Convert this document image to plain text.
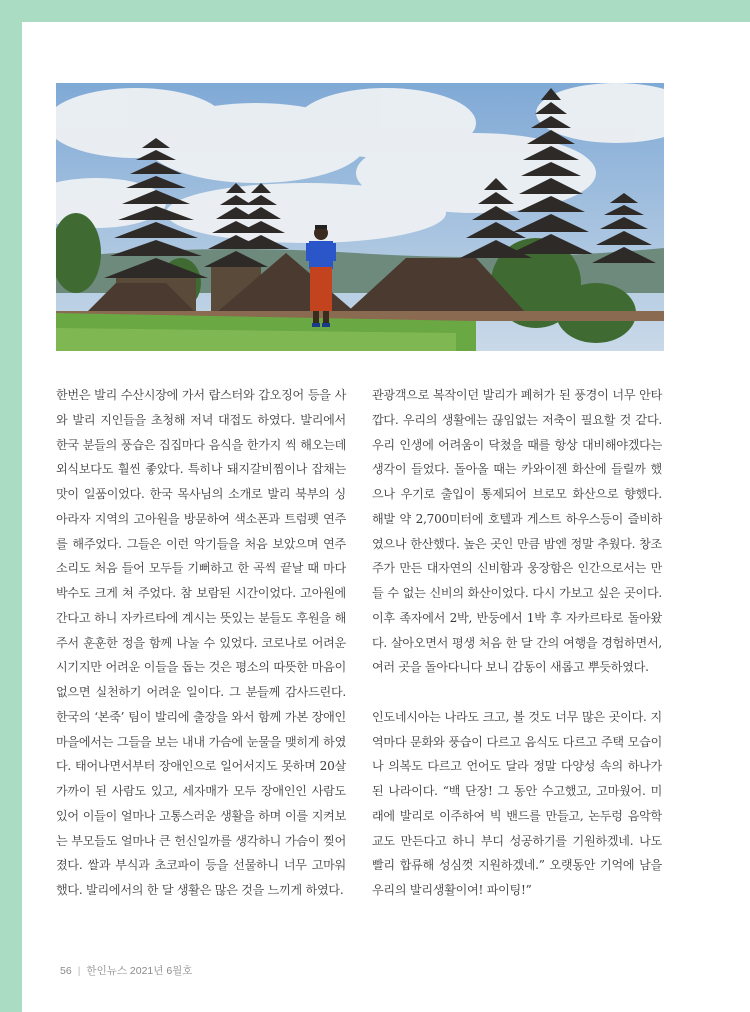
한번은 발리 수산시장에 가서 랍스터와 갑오징어 등을 사와 발리 지인들을 초청해 저녁 대접도 하였다. 발리에서 한국 분들의 풍습은 집집마다 음식을 한가지 씩 해오는데 외식보다도 훨씬 좋았다. 특히나 돼지갈비찜이나 잡채는 맛이 일품이었다. 한국 목사님의 소개로 발리 북부의 싱아라자 지역의 고아원을 방문하여 색소폰과 트럼펫 연주를 해주었다. 그들은 이런 악기들을 처음 보았으며 연주소리도 처음 들어 모두들 기뻐하고 한 곡씩 끝날 때 마다 박수도 크게 쳐 주었다. 참 보람된 시간이었다. 고아원에 간다고 하니 자카르타에 계시는 뜻있는 분들도 후원을 해 주서 훈훈한 정을 함께 나눌 수 있었다. 코로나로 어려운 시기지만 어려운 이들을 돕는 것은 평소의 따뜻한 마음이 없으면 실천하기 어려운 일이다. 그 분들께 감사드린다. 한국의 ‘본죽’ 팀이 발리에 출장을 와서 함께 가본 장애인 마을에서는 그들을 보는 내내 가슴에 눈물을 맺히게 하였다. 태어나면서부터 장애인으로 일어서지도 못하며 20살 가까이 된 사람도 있고, 세자매가 모두 장애인인 사람도 있어 이들이 얼마나 고통스러운 생활을 하며 이를 지켜보는 부모들도 얼마나 큰 헌신일까를 생각하니 가슴이 찢어졌다. 쌀과 부식과 초코파이 등을 선물하니 너무 고마워했다. 발리에서의 한 달 생활은 많은 것을 느끼게 하였다.

관광객으로 복작이던 발리가 폐허가 된 풍경이 너무 안타깝다. 우리의 생활에는 끊임없는 저축이 필요할 것 같다. 우리 인생에 어려움이 닥쳤을 때를 항상 대비해야겠다는 생각이 들었다. 돌아올 때는 카와이젠 화산에 들릴까 했으나 우기로 출입이 통제되어 브로모 화산으로 향했다. 해발 약 2,700미터에 호텔과 게스트 하우스등이 즐비하였으나 한산했다. 높은 곳인 만큼 밤엔 정말 추웠다. 창조주가 만든 대자연의 신비함과 웅장함은 인간으로서는 만들 수 없는 신비의 화산이었다. 다시 가보고 싶은 곳이다. 이후 족자에서 2박, 반둥에서 1박 후 자카르타로 돌아왔다. 살아오면서 평생 처음 한 달 간의 여행을 경험하면서, 여러 곳을 돌아다니다 보니 감동이 새롭고 뿌듯하였다.

인도네시아는 나라도 크고, 볼 것도 너무 많은 곳이다. 지역마다 문화와 풍습이 다르고 음식도 다르고 주택 모습이나 의복도 다르고 언어도 달라 정말 다양성 속의 하나가 된 나라이다. “백 단장! 그 동안 수고했고, 고마웠어. 미래에 발리로 이주하여 빅 밴드를 만들고, 논두렁 음악학교도 만든다고 하니 부디 성공하기를 기원하겠네. 나도 빨리 합류해 성심껏 지원하겠네.” 오랫동안 기억에 남을 우리의 발리생활이여! 파이팅!”

56 | 한인뉴스 2021년 6월호
